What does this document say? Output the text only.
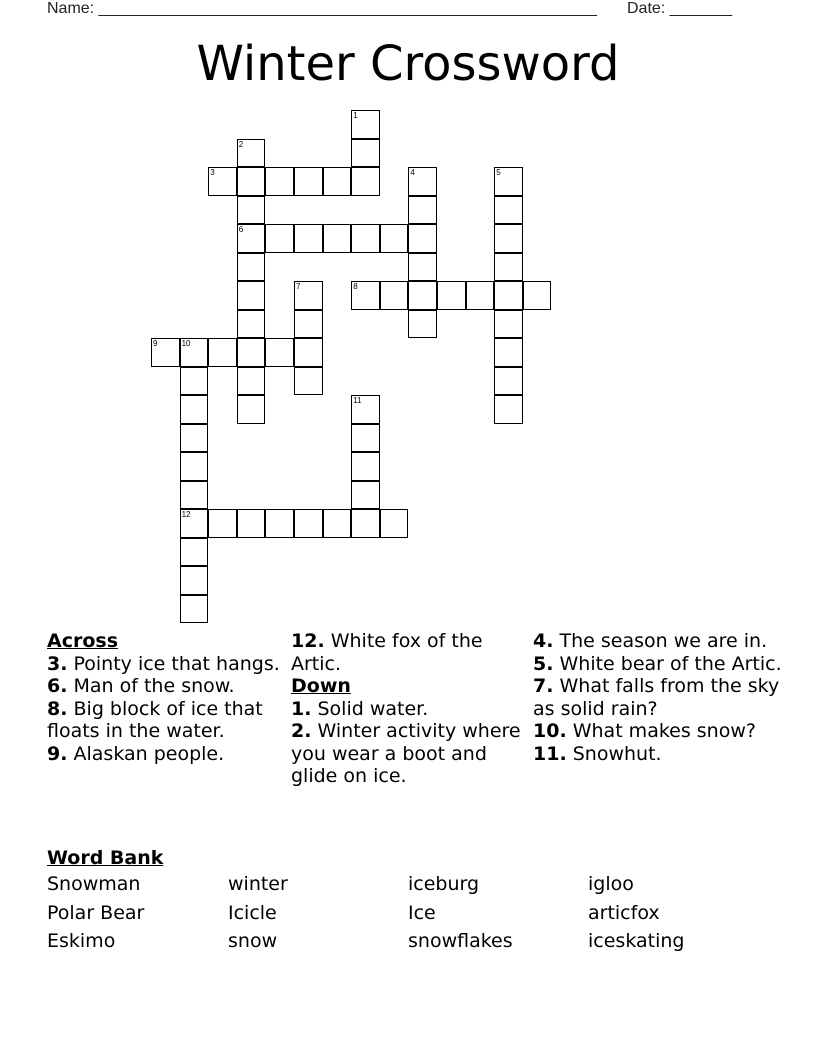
Name: ________________________________________________________ Date: _______
Winter Crossword
1
2
6
3	4	5
7	8
9	10
12
11
Across
3. Pointy ice that hangs.
6. Man of the snow.
8. Big block of ice that floats in the water.
9. Alaskan people.
12. White fox of the Artic.
Down
1. Solid water.
2. Winter activity where you wear a boot and glide on ice.
4. The season we are in.
5. White bear of the Artic.
7. What falls from the sky as solid rain?
10. What makes snow?
11. Snowhut.
Word Bank
Snowman	winter	iceburg	igloo
Polar Bear	Icicle	Ice	articfox
Eskimo	snow	snowflakes	iceskating
